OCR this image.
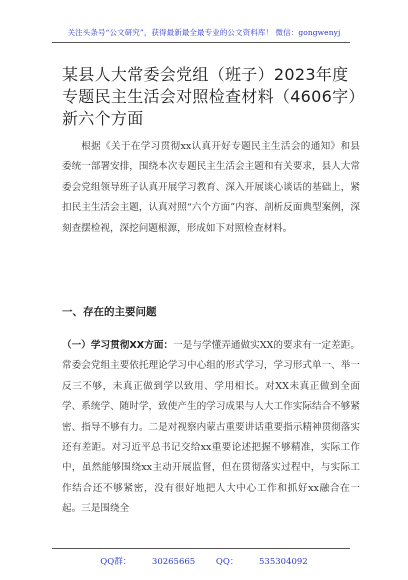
关注头条号“公文研究”，获得最新最全最专业的公文资料库！ 微信：gongwenyj
某县人大常委会党组（班子）2023年度专题民主生活会对照检查材料（4606字）新六个方面
根据《关于在学习贯彻xx认真开好专题民主生活会的通知》和县委统一部署安排，围绕本次专题民主生活会主题和有关要求，县人大常委会党组领导班子认真开展学习教育、深入开展谈心谈话的基础上，紧扣民主生活会主题，认真对照“六个方面”内容、剖析反面典型案例，深刻查摆检视，深挖问题根源，形成如下对照检查材料。
一、存在的主要问题
（一）学习贯彻XX方面：一是与学懂弄通做实XX的要求有一定差距。常委会党组主要依托理论学习中心组的形式学习，学习形式单一、举一反三不够，未真正做到学以致用、学用相长。对XX未真正做到全面学、系统学、随时学，致使产生的学习成果与人大工作实际结合不够紧密、指导不够有力。二是对视察内蒙古重要讲话重要指示精神贯彻落实还有差距。对习近平总书记交给xx重要论述把握不够精准，实际工作中，虽然能够围绕xx主动开展监督，但在贯彻落实过程中，与实际工作结合还不够紧密，没有很好地把人大中心工作和抓好xx融合在一起。三是围绕全
QQ群： 30265665 QQ： 535304092
